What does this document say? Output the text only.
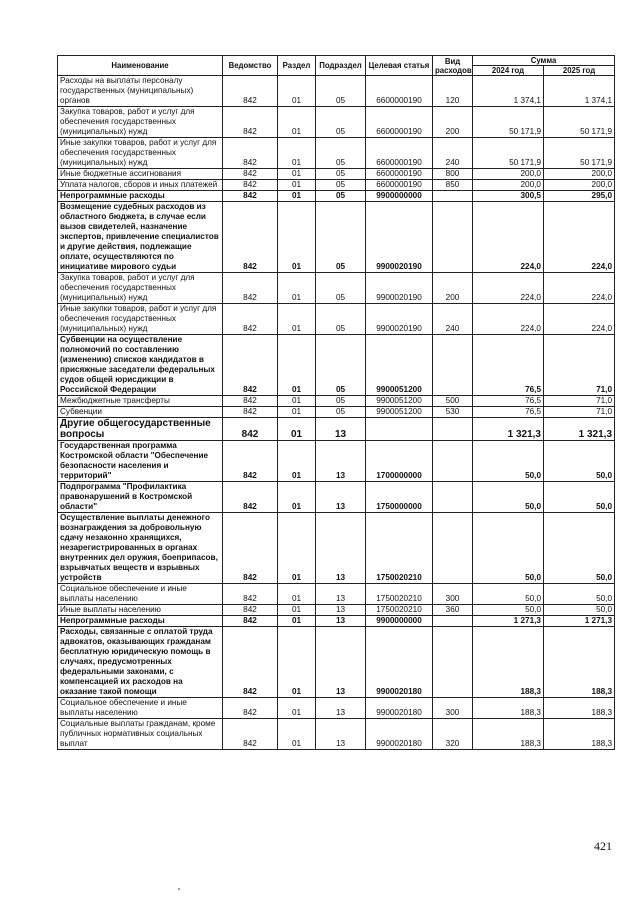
Наименование	Ведомство	Раздел	Подраздел	Целевая статья	Вид расходов	Сумма	
						2024 год	2025 год
Расходы на выплаты персоналу государственных (муниципальных) органов	842	01	05	6600000190	120	1 374,1	1 374,1
Закупка товаров, работ и услуг для обеспечения государственных (муниципальных) нужд	842	01	05	6600000190	200	50 171,9	50 171,9
Иные закупки товаров, работ и услуг для обеспечения государственных (муниципальных) нужд	842	01	05	6600000190	240	50 171,9	50 171,9
Иные бюджетные ассигнования	842	01	05	6600000190	800	200,0	200,0
Уплата налогов, сборов и иных платежей	842	01	05	6600000190	850	200,0	200,0
Непрограммные расходы	842	01	05	9900000000		300,5	295,0
Возмещение судебных расходов из областного бюджета, в случае если вызов свидетелей, назначение экспертов, привлечение специалистов и другие действия, подлежащие оплате, осуществляются по инициативе мирового судьи	842	01	05	9900020190		224,0	224,0
Закупка товаров, работ и услуг для обеспечения государственных (муниципальных) нужд	842	01	05	9900020190	200	224,0	224,0
Иные закупки товаров, работ и услуг для обеспечения государственных (муниципальных) нужд	842	01	05	9900020190	240	224,0	224,0
Субвенции на осуществление полномочий по составлению (изменению) списков кандидатов в присяжные заседатели федеральных судов общей юрисдикции в Российской Федерации	842	01	05	9900051200		76,5	71,0
Межбюджетные трансферты	842	01	05	9900051200	500	76,5	71,0
Субвенции	842	01	05	9900051200	530	76,5	71,0
Другие общегосударственные вопросы	842	01	13			1 321,3	1 321,3
Государственная программа Костромской области "Обеспечение безопасности населения и территорий"	842	01	13	1700000000		50,0	50,0
Подпрограмма "Профилактика правонарушений в Костромской области"	842	01	13	1750000000		50,0	50,0
Осуществление выплаты денежного вознаграждения за добровольную сдачу незаконно хранящихся, незарегистрированных в органах внутренних дел оружия, боеприпасов, взрывчатых веществ и взрывных устройств	842	01	13	1750020210		50,0	50,0
Социальное обеспечение и иные выплаты населению	842	01	13	1750020210	300	50,0	50,0
Иные выплаты населению	842	01	13	1750020210	360	50,0	50,0
Непрограммные расходы	842	01	13	9900000000		1 271,3	1 271,3
Расходы, связанные с оплатой труда адвокатов, оказывающих гражданам бесплатную юридическую помощь в случаях, предусмотренных федеральными законами, с компенсацией их расходов на оказание такой помощи	842	01	13	9900020180		188,3	188,3
Социальное обеспечение и иные выплаты населению	842	01	13	9900020180	300	188,3	188,3
Социальные выплаты гражданам, кроме публичных нормативных социальных выплат	842	01	13	9900020180	320	188,3	188,3
421
